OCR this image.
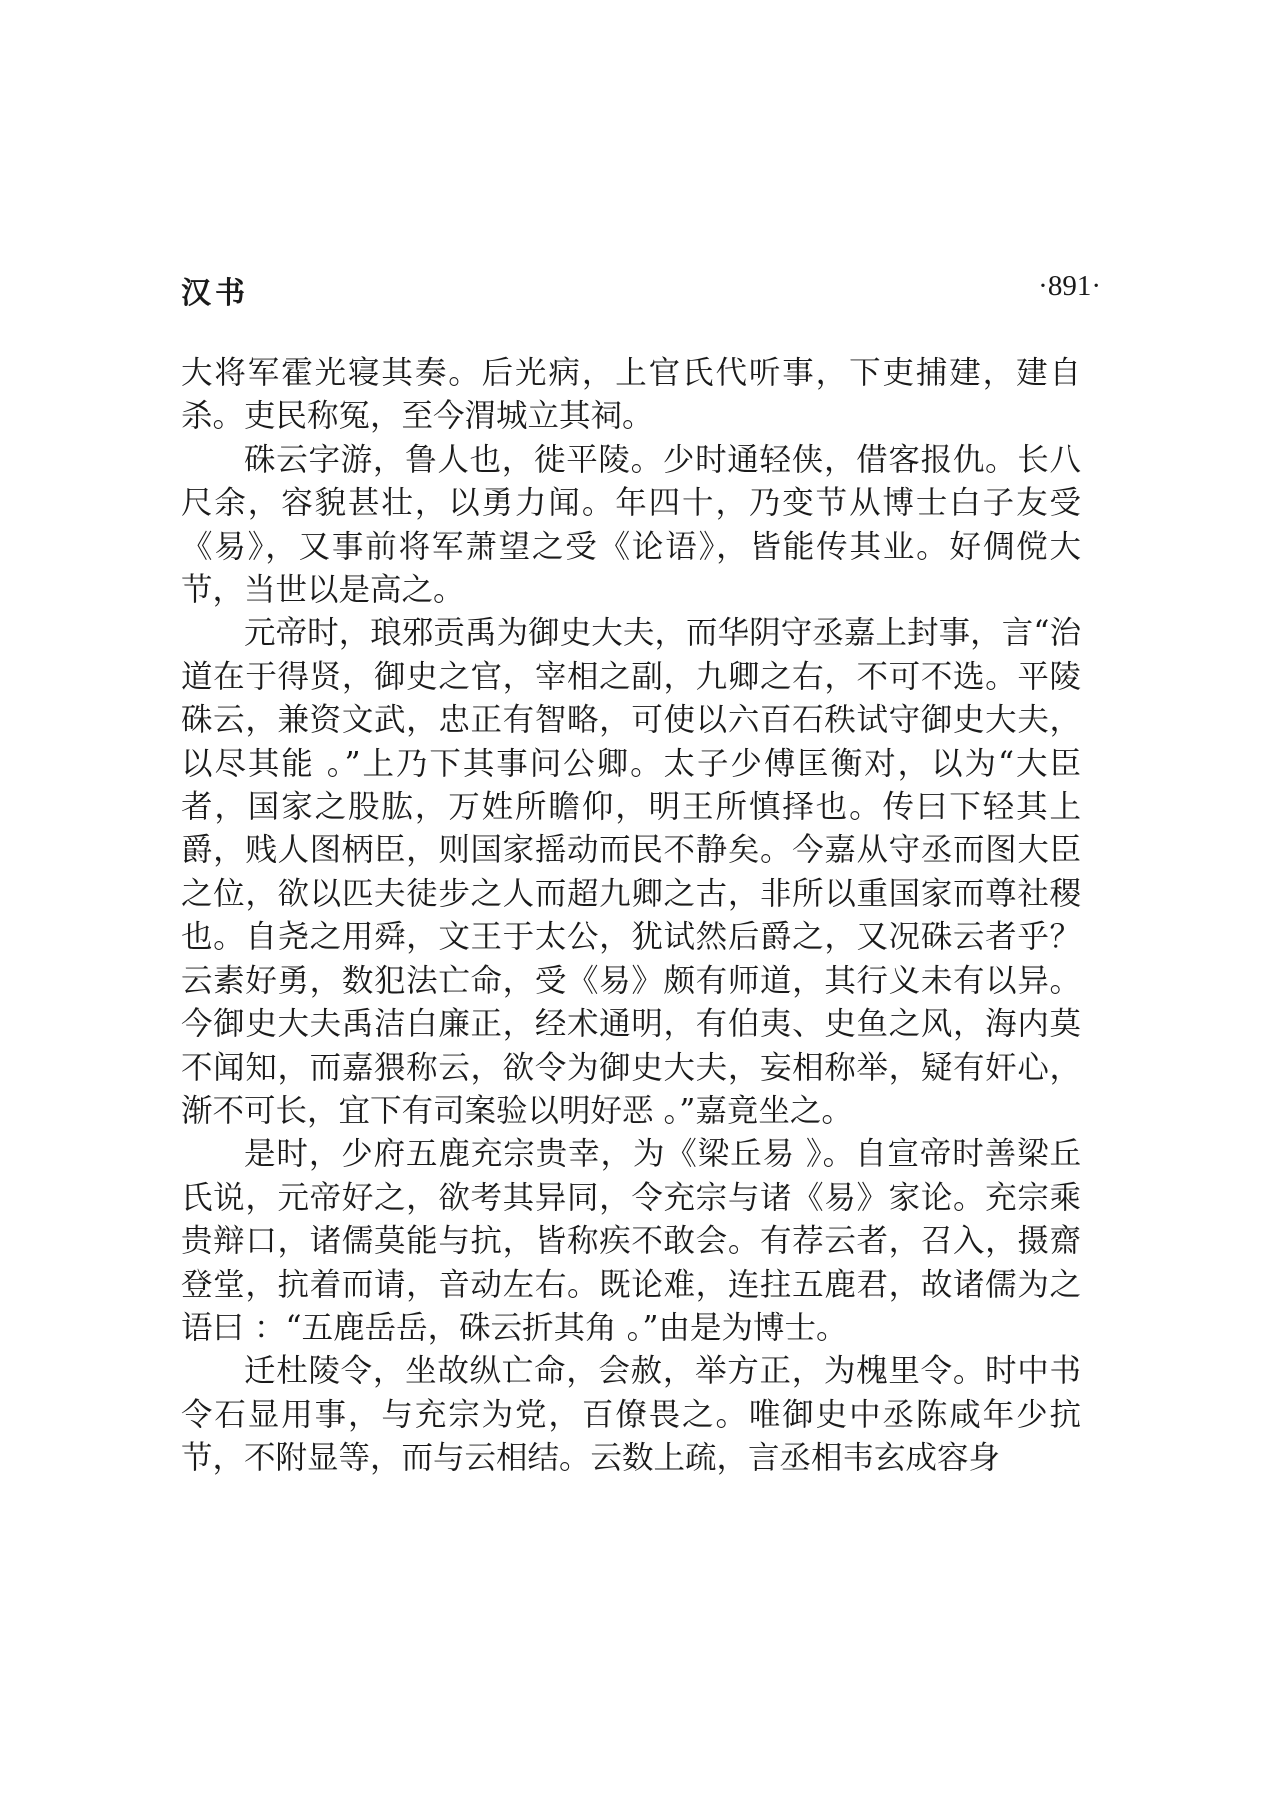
汉书	·891·

大将军霍光寝其奏。后光病，上官氏代听事，下吏捕建，建自杀。吏民称冤，至今渭城立其祠。

硃云字游，鲁人也，徙平陵。少时通轻侠，借客报仇。长八尺余，容貌甚壮，以勇力闻。年四十，乃变节从博士白子友受《易》，又事前将军萧望之受《论语》，皆能传其业。好倜傥大节，当世以是高之。

元帝时，琅邪贡禹为御史大夫，而华阴守丞嘉上封事，言“治道在于得贤，御史之官，宰相之副，九卿之右，不可不选。平陵硃云，兼资文武，忠正有智略，可使以六百石秩试守御史大夫，以尽其能 。”上乃下其事问公卿。太子少傅匡衡对，以为“大臣者，国家之股肱，万姓所瞻仰，明王所慎择也。传曰下轻其上爵，贱人图柄臣，则国家摇动而民不静矣。今嘉从守丞而图大臣之位，欲以匹夫徒步之人而超九卿之古，非所以重国家而尊社稷也。自尧之用舜，文王于太公，犹试然后爵之，又况硃云者乎？云素好勇，数犯法亡命，受《易》颇有师道，其行义未有以异。今御史大夫禹洁白廉正，经术通明，有伯夷、史鱼之风，海内莫不闻知，而嘉猥称云，欲令为御史大夫，妄相称举，疑有奸心，渐不可长，宜下有司案验以明好恶 。”嘉竟坐之。

是时，少府五鹿充宗贵幸，为《梁丘易 》。自宣帝时善梁丘氏说，元帝好之，欲考其异同，令充宗与诸《易》家论。充宗乘贵辩口，诸儒莫能与抗，皆称疾不敢会。有荐云者，召入，摄齋登堂，抗着而请，音动左右。既论难，连拄五鹿君，故诸儒为之语曰 ：“五鹿岳岳，硃云折其角 。”由是为博士。

迁杜陵令，坐故纵亡命，会赦，举方正，为槐里令。时中书令石显用事，与充宗为党，百僚畏之。唯御史中丞陈咸年少抗节，不附显等，而与云相结。云数上疏，言丞相韦玄成容身
